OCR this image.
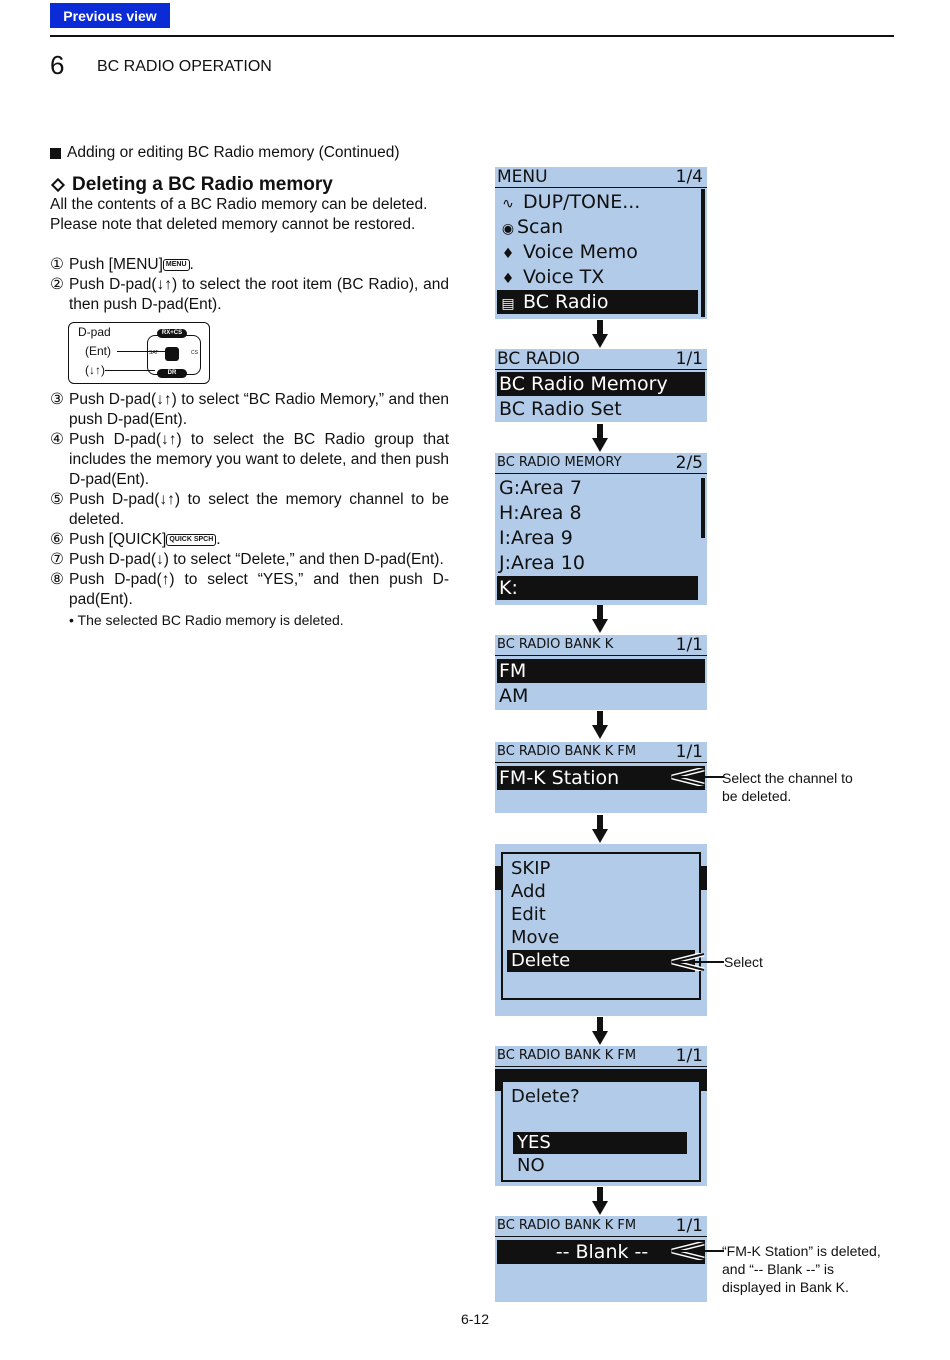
Previous view
6 BC RADIO OPERATION
Adding or editing BC Radio memory (Continued)
Deleting a BC Radio memory
All the contents of a BC Radio memory can be deleted.
Please note that deleted memory cannot be restored.
① Push [MENU] MENU .
② Push D-pad(↓↑) to select the root item (BC Radio), and then push D-pad(Ent).
D-pad
(Ent)
(↓↑)
RX+CS
DR
SAT	CS
③ Push D-pad(↓↑) to select “BC Radio Memory,” and then push D-pad(Ent).
④ Push D-pad(↓↑) to select the BC Radio group that includes the memory you want to delete, and then push D-pad(Ent).
⑤ Push D-pad(↓↑) to select the memory channel to be deleted.
⑥ Push [QUICK] QUICK SPCH .
⑦ Push D-pad(↓) to select “Delete,” and then D-pad(Ent).
⑧ Push D-pad(↑) to select “YES,” and then push D-pad(Ent).
• The selected BC Radio memory is deleted.
MENU	1/4
∿ DUP/TONE...
◉ Scan
♦ Voice Memo
♦ Voice TX
▤ BC Radio
BC RADIO	1/1
BC Radio Memory
BC Radio Set
BC RADIO MEMORY	2/5
G:Area 7
H:Area 8
I:Area 9
J:Area 10
K:
BC RADIO BANK K	1/1
FM
AM
BC RADIO BANK K FM 1/1
FM-K Station	Select the channel to be deleted.
SKIP
Add
Edit
Move
Delete	Select
BC RADIO BANK K FM 1/1
Delete?
YES
NO
BC RADIO BANK K FM 1/1
-- Blank --	“FM-K Station” is deleted, and “-- Blank --” is displayed in Bank K.
6-12
